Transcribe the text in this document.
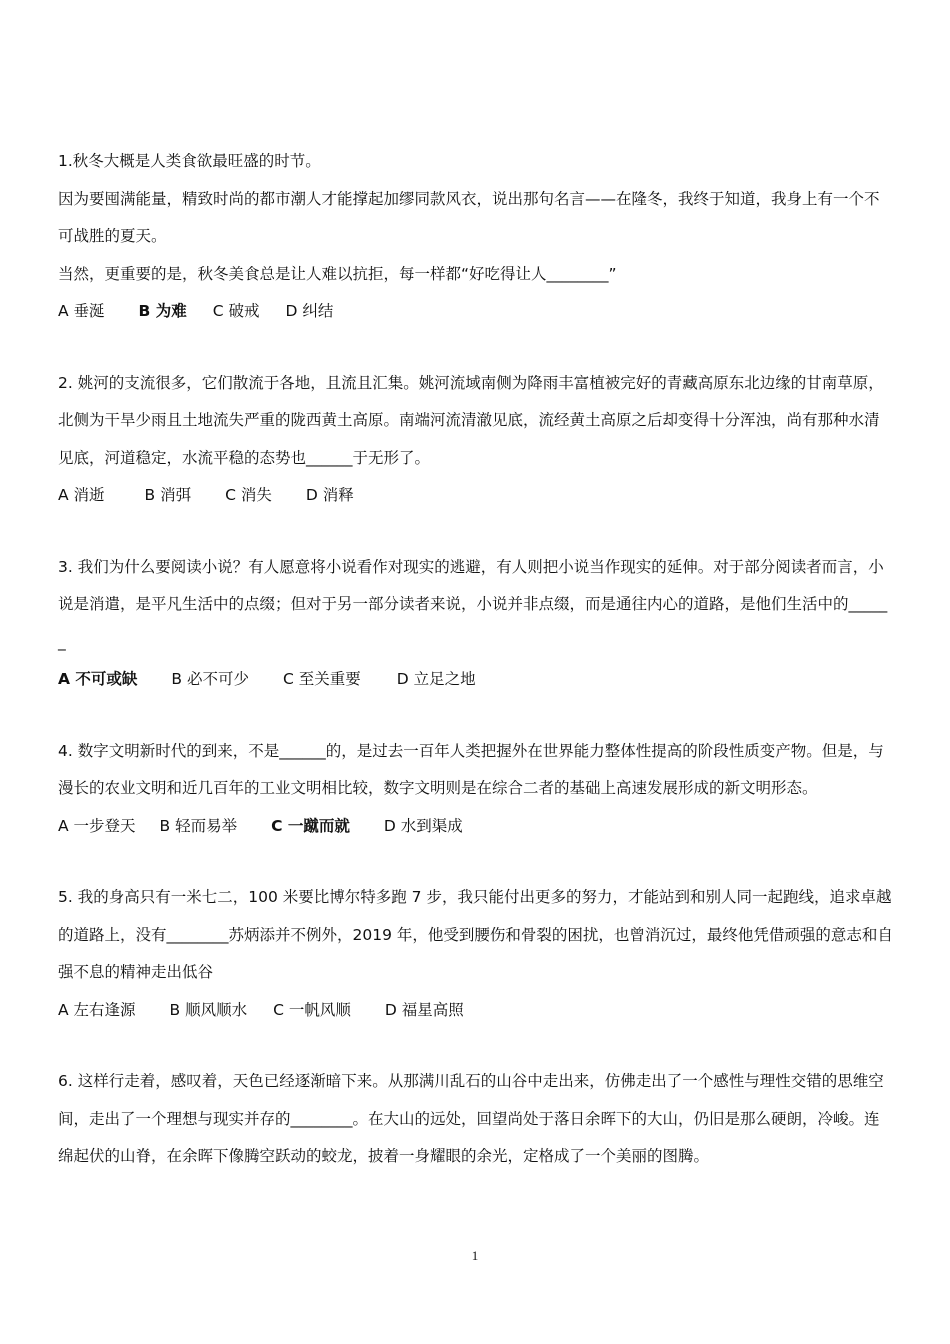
1.秋冬大概是人类食欲最旺盛的时节。

因为要囤满能量，精致时尚的都市潮人才能撑起加缪同款风衣，说出那句名言——在隆冬，我终于知道，我身上有一个不可战胜的夏天。

当然，更重要的是，秋冬美食总是让人难以抗拒，每一样都“好吃得让人________”

A 垂涎 B 为难 C 破戒 D 纠结

2. 姚河的支流很多，它们散流于各地，且流且汇集。姚河流域南侧为降雨丰富植被完好的青藏高原东北边缘的甘南草原，北侧为干旱少雨且土地流失严重的陇西黄土高原。南端河流清澈见底，流经黄土高原之后却变得十分浑浊，尚有那种水清见底，河道稳定，水流平稳的态势也______于无形了。

A 消逝	B 消弭 C 消失 D 消释

3. 我们为什么要阅读小说？有人愿意将小说看作对现实的逃避，有人则把小说当作现实的延伸。对于部分阅读者而言，小说是消遣，是平凡生活中的点缀；但对于另一部分读者来说，小说并非点缀，而是通往内心的道路，是他们生活中的______

A 不可或缺 B 必不可少 C 至关重要 D 立足之地

4. 数字文明新时代的到来，不是______的，是过去一百年人类把握外在世界能力整体性提高的阶段性质变产物。但是，与漫长的农业文明和近几百年的工业文明相比较，数字文明则是在综合二者的基础上高速发展形成的新文明形态。

A 一步登天 B 轻而易举 C 一蹴而就 D 水到渠成

5. 我的身高只有一米七二，100 米要比博尔特多跑 7 步，我只能付出更多的努力，才能站到和别人同一起跑线，追求卓越的道路上，没有________苏炳添并不例外，2019 年，他受到腰伤和骨裂的困扰，也曾消沉过，最终他凭借顽强的意志和自强不息的精神走出低谷

A 左右逢源 B 顺风顺水 C 一帆风顺 D 福星高照

6. 这样行走着，感叹着，天色已经逐渐暗下来。从那满川乱石的山谷中走出来，仿佛走出了一个感性与理性交错的思维空间，走出了一个理想与现实并存的________。在大山的远处，回望尚处于落日余晖下的大山，仍旧是那么硬朗，冷峻。连绵起伏的山脊，在余晖下像腾空跃动的蛟龙，披着一身耀眼的余光，定格成了一个美丽的图腾。

1
